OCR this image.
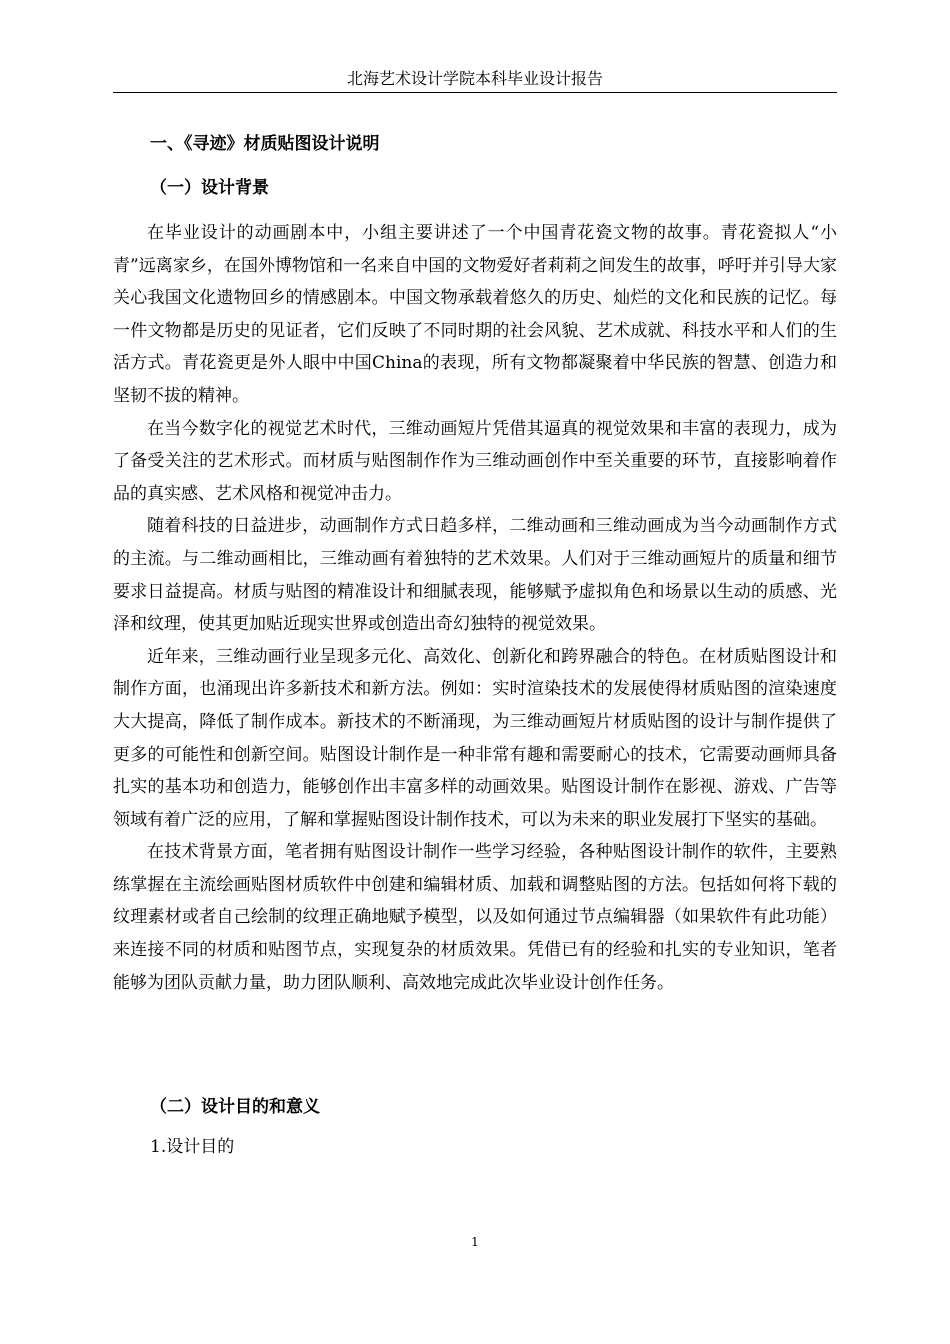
北海艺术设计学院本科毕业设计报告
一、《寻迹》材质贴图设计说明
（一）设计背景

在毕业设计的动画剧本中，小组主要讲述了一个中国青花瓷文物的故事。青花瓷拟人“小青”远离家乡，在国外博物馆和一名来自中国的文物爱好者莉莉之间发生的故事，呼吁并引导大家关心我国文化遗物回乡的情感剧本。中国文物承载着悠久的历史、灿烂的文化和民族的记忆。每一件文物都是历史的见证者，它们反映了不同时期的社会风貌、艺术成就、科技水平和人们的生活方式。青花瓷更是外人眼中中国China的表现，所有文物都凝聚着中华民族的智慧、创造力和坚韧不拔的精神。

在当今数字化的视觉艺术时代，三维动画短片凭借其逼真的视觉效果和丰富的表现力，成为了备受关注的艺术形式。而材质与贴图制作作为三维动画创作中至关重要的环节，直接影响着作品的真实感、艺术风格和视觉冲击力。

随着科技的日益进步，动画制作方式日趋多样，二维动画和三维动画成为当今动画制作方式的主流。与二维动画相比，三维动画有着独特的艺术效果。人们对于三维动画短片的质量和细节要求日益提高。材质与贴图的精准设计和细腻表现，能够赋予虚拟角色和场景以生动的质感、光泽和纹理，使其更加贴近现实世界或创造出奇幻独特的视觉效果。

近年来，三维动画行业呈现多元化、高效化、创新化和跨界融合的特色。在材质贴图设计和制作方面，也涌现出许多新技术和新方法。例如：实时渲染技术的发展使得材质贴图的渲染速度大大提高，降低了制作成本。新技术的不断涌现，为三维动画短片材质贴图的设计与制作提供了更多的可能性和创新空间。贴图设计制作是一种非常有趣和需要耐心的技术，它需要动画师具备扎实的基本功和创造力，能够创作出丰富多样的动画效果。贴图设计制作在影视、游戏、广告等领域有着广泛的应用，了解和掌握贴图设计制作技术，可以为未来的职业发展打下坚实的基础。

在技术背景方面，笔者拥有贴图设计制作一些学习经验，各种贴图设计制作的软件，主要熟练掌握在主流绘画贴图材质软件中创建和编辑材质、加载和调整贴图的方法。包括如何将下载的纹理素材或者自己绘制的纹理正确地赋予模型，以及如何通过节点编辑器（如果软件有此功能）来连接不同的材质和贴图节点，实现复杂的材质效果。凭借已有的经验和扎实的专业知识，笔者能够为团队贡献力量，助力团队顺利、高效地完成此次毕业设计创作任务。

（二）设计目的和意义
1.设计目的
1
